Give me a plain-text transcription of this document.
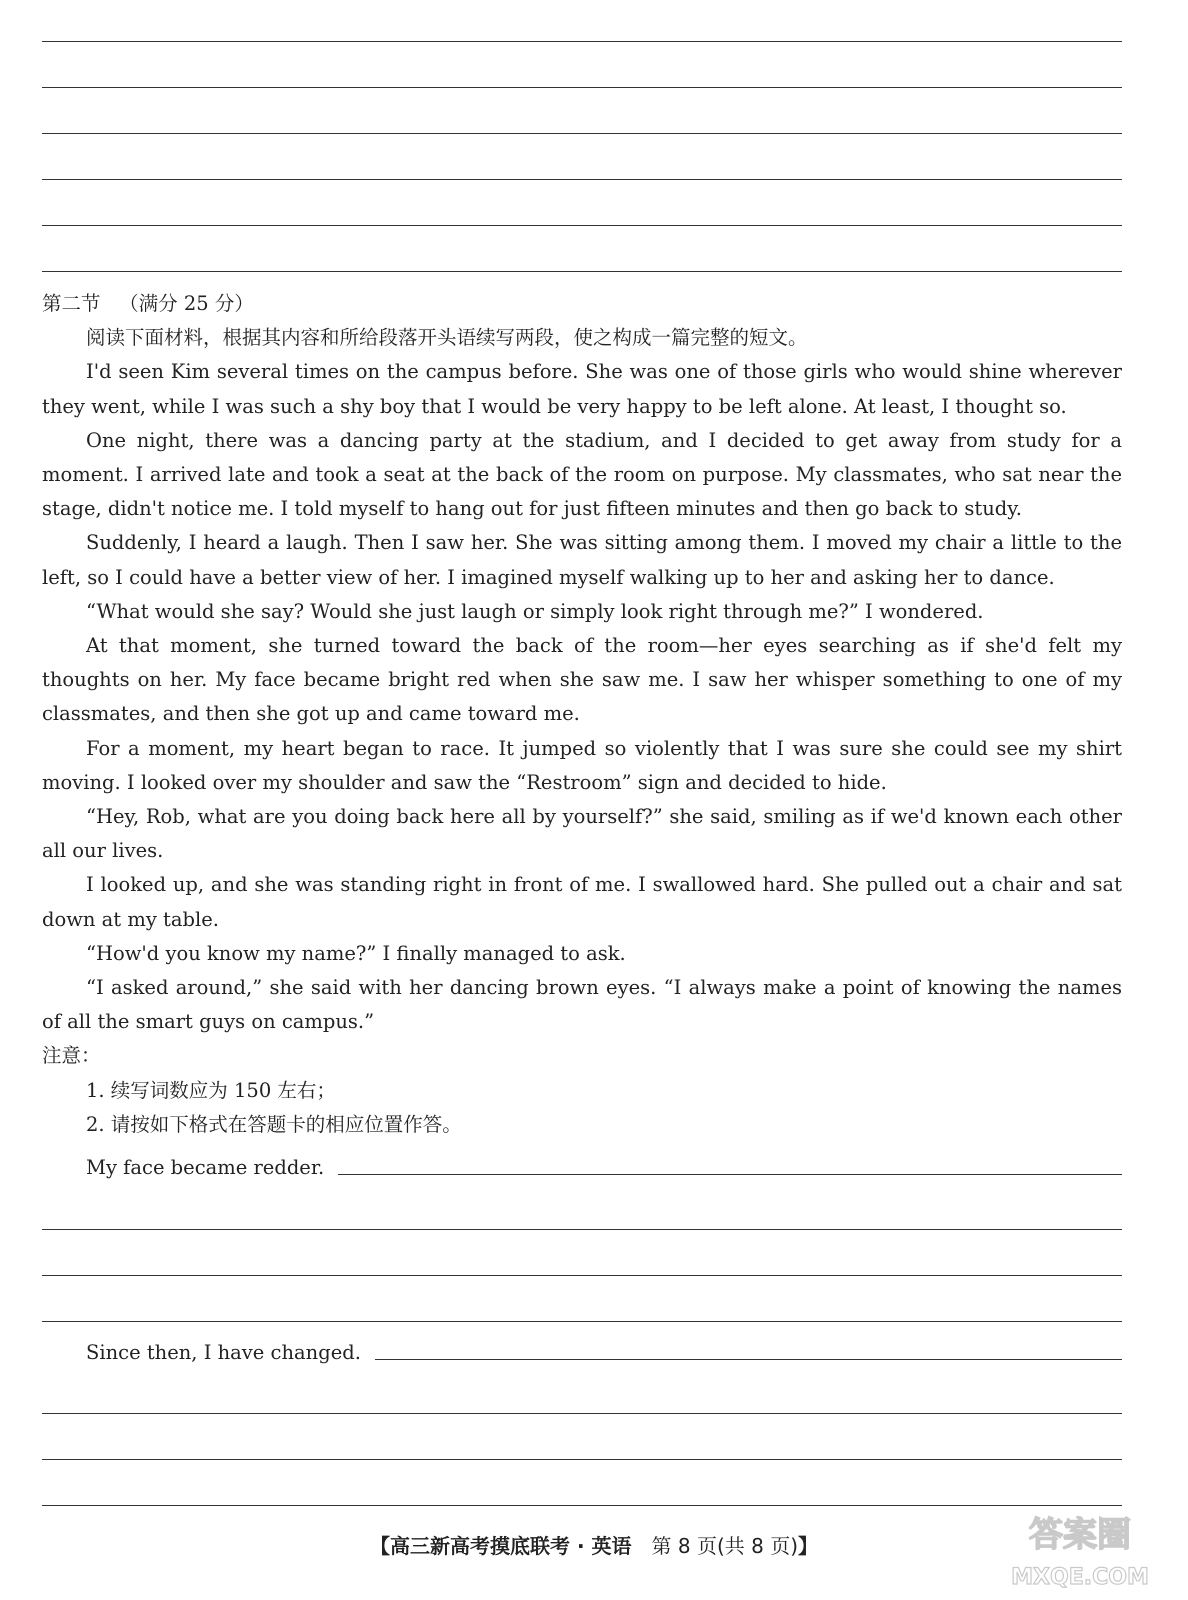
第二节 （满分 25 分）

阅读下面材料，根据其内容和所给段落开头语续写两段，使之构成一篇完整的短文。

I'd seen Kim several times on the campus before. She was one of those girls who would shine wherever they went, while I was such a shy boy that I would be very happy to be left alone. At least, I thought so.

One night, there was a dancing party at the stadium, and I decided to get away from study for a moment. I arrived late and took a seat at the back of the room on purpose. My classmates, who sat near the stage, didn't notice me. I told myself to hang out for just fifteen minutes and then go back to study.

Suddenly, I heard a laugh. Then I saw her. She was sitting among them. I moved my chair a little to the left, so I could have a better view of her. I imagined myself walking up to her and asking her to dance.

“What would she say? Would she just laugh or simply look right through me?” I wondered.

At that moment, she turned toward the back of the room—her eyes searching as if she'd felt my thoughts on her. My face became bright red when she saw me. I saw her whisper something to one of my classmates, and then she got up and came toward me.

For a moment, my heart began to race. It jumped so violently that I was sure she could see my shirt moving. I looked over my shoulder and saw the “Restroom” sign and decided to hide.

“Hey, Rob, what are you doing back here all by yourself?” she said, smiling as if we'd known each other all our lives.

I looked up, and she was standing right in front of me. I swallowed hard. She pulled out a chair and sat down at my table.

“How'd you know my name?” I finally managed to ask.

“I asked around,” she said with her dancing brown eyes. “I always make a point of knowing the names of all the smart guys on campus.”

注意：

1. 续写词数应为 150 左右；

2. 请按如下格式在答题卡的相应位置作答。

My face became redder.
Since then, I have changed.
【高三新高考摸底联考 · 英语　第 8 页(共 8 页)】	答案圈
MXQE.COM
